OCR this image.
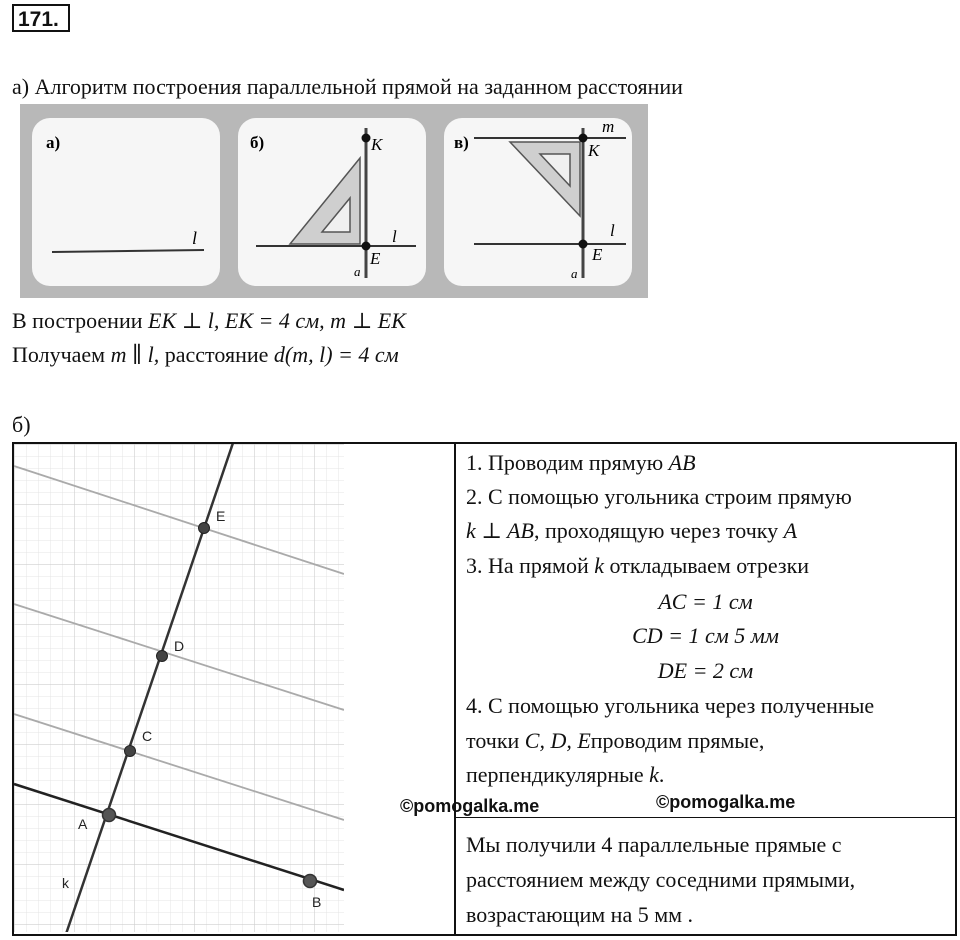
171.
а) Алгоритм построения параллельной прямой на заданном расстоянии
а)
l
б)	K
E
l
a
в)	K
E
m
l
a
В построении EK ⊥ l, EK = 4 см, m ⊥ EK
Получаем m ∥ l, расстояние d(m, l) = 4 см
б)
A
B
C
D
E
k
1. Проводим прямую AB
2. С помощью угольника строим прямую
k ⊥ AB, проходящую через точку A
3. На прямой k откладываем отрезки
AC = 1 см
CD = 1 см 5 мм
DE = 2 см
4. С помощью угольника через полученные
точки C, D, Eпроводим прямые,
перпендикулярные k.
©pomogalka.me	©pomogalka.me
Мы получили 4 параллельные прямые с
расстоянием между соседними прямыми,
возрастающим на 5 мм .
